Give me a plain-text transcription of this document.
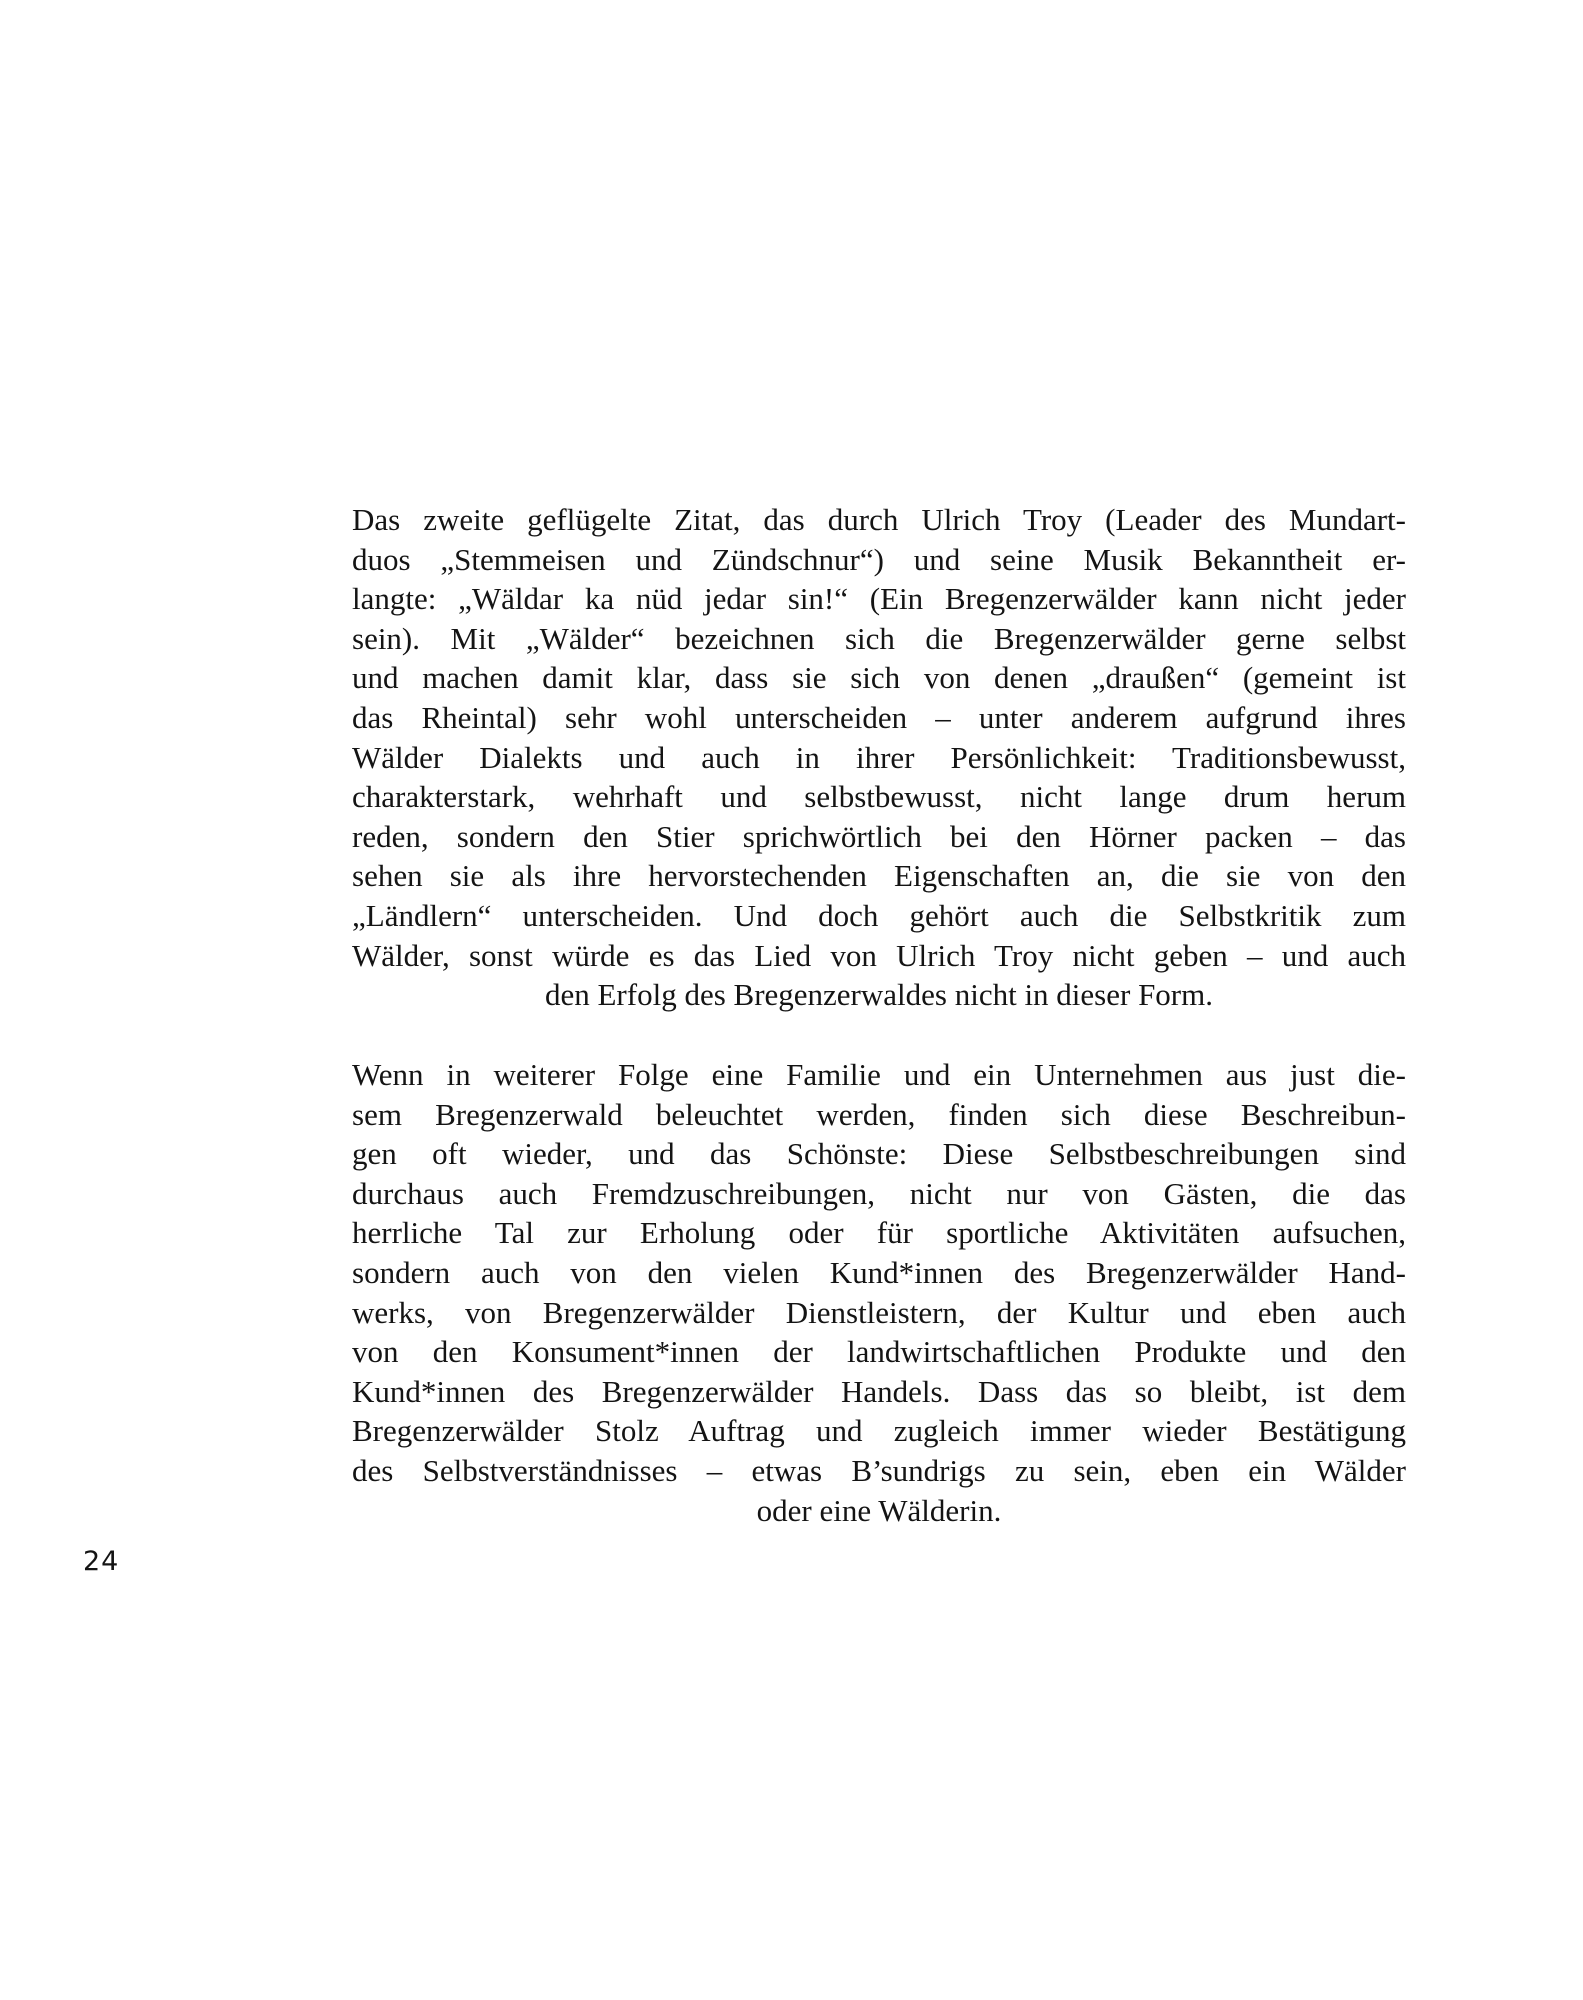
Das zweite geflügelte Zitat, das durch Ulrich Troy (Leader des Mundart-
duos „Stemmeisen und Zündschnur“) und seine Musik Bekanntheit er-
langte: „Wäldar ka nüd jedar sin!“ (Ein Bregenzerwälder kann nicht jeder
sein). Mit „Wälder“ bezeichnen sich die Bregenzerwälder gerne selbst
und machen damit klar, dass sie sich von denen „draußen“ (gemeint ist
das Rheintal) sehr wohl unterscheiden – unter anderem aufgrund ihres
Wälder Dialekts und auch in ihrer Persönlichkeit: Traditionsbewusst,
charakterstark, wehrhaft und selbstbewusst, nicht lange drum herum
reden, sondern den Stier sprichwörtlich bei den Hörner packen – das
sehen sie als ihre hervorstechenden Eigenschaften an, die sie von den
„Ländlern“ unterscheiden. Und doch gehört auch die Selbstkritik zum
Wälder, sonst würde es das Lied von Ulrich Troy nicht geben – und auch
den Erfolg des Bregenzerwaldes nicht in dieser Form.
Wenn in weiterer Folge eine Familie und ein Unternehmen aus just die-
sem Bregenzerwald beleuchtet werden, finden sich diese Beschreibun-
gen oft wieder, und das Schönste: Diese Selbstbeschreibungen sind
durchaus auch Fremdzuschreibungen, nicht nur von Gästen, die das
herrliche Tal zur Erholung oder für sportliche Aktivitäten aufsuchen,
sondern auch von den vielen Kund*innen des Bregenzerwälder Hand-
werks, von Bregenzerwälder Dienstleistern, der Kultur und eben auch
von den Konsument*innen der landwirtschaftlichen Produkte und den
Kund*innen des Bregenzerwälder Handels. Dass das so bleibt, ist dem
Bregenzerwälder Stolz Auftrag und zugleich immer wieder Bestätigung
des Selbstverständnisses – etwas B’sundrigs zu sein, eben ein Wälder
oder eine Wälderin.
24
